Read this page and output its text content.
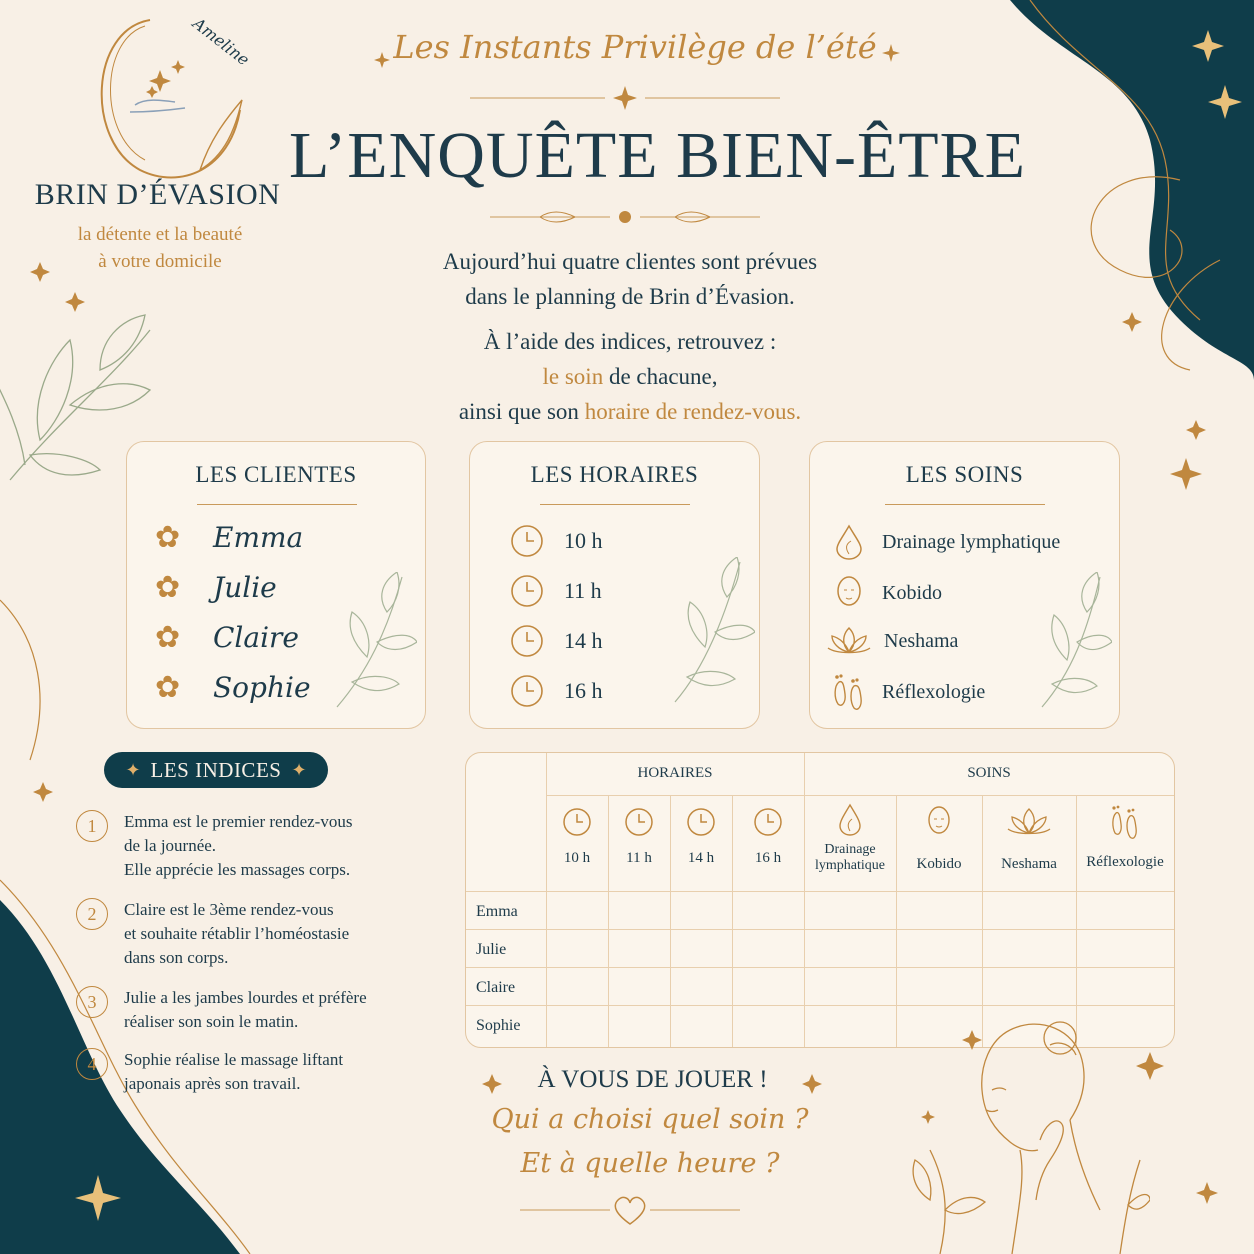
Ameline
BRIN D’ÉVASION
la détente et la beauté
à votre domicile
Les Instants Privilège de l’été
L’ENQUÊTE BIEN-ÊTRE
Aujourd’hui quatre clientes sont prévues
dans le planning de Brin d’Évasion.
À l’aide des indices, retrouvez :
le soin de chacune,
ainsi que son horaire de rendez-vous.
LES CLIENTES
✿	Emma
✿	Julie
✿	Claire
✿	Sophie
LES HORAIRES
10 h
11 h
14 h
16 h
LES SOINS
Drainage lymphatique
Kobido
Neshama
Réflexologie
✦ LES INDICES ✦
1	Emma est le premier rendez-vous
de la journée.
Elle apprécie les massages corps.
2	Claire est le 3ème rendez-vous
et souhaite rétablir l’homéostasie
dans son corps.
3	Julie a les jambes lourdes et préfère
réaliser son soin le matin.
4	Sophie réalise le massage liftant
japonais après son travail.
HORAIRES	SOINS
10 h	11 h	14 h	16 h
Drainage lymphatique	Kobido	Neshama	Réflexologie
Emma
Julie
Claire
Sophie
À VOUS DE JOUER !
Qui a choisi quel soin ?
Et à quelle heure ?
